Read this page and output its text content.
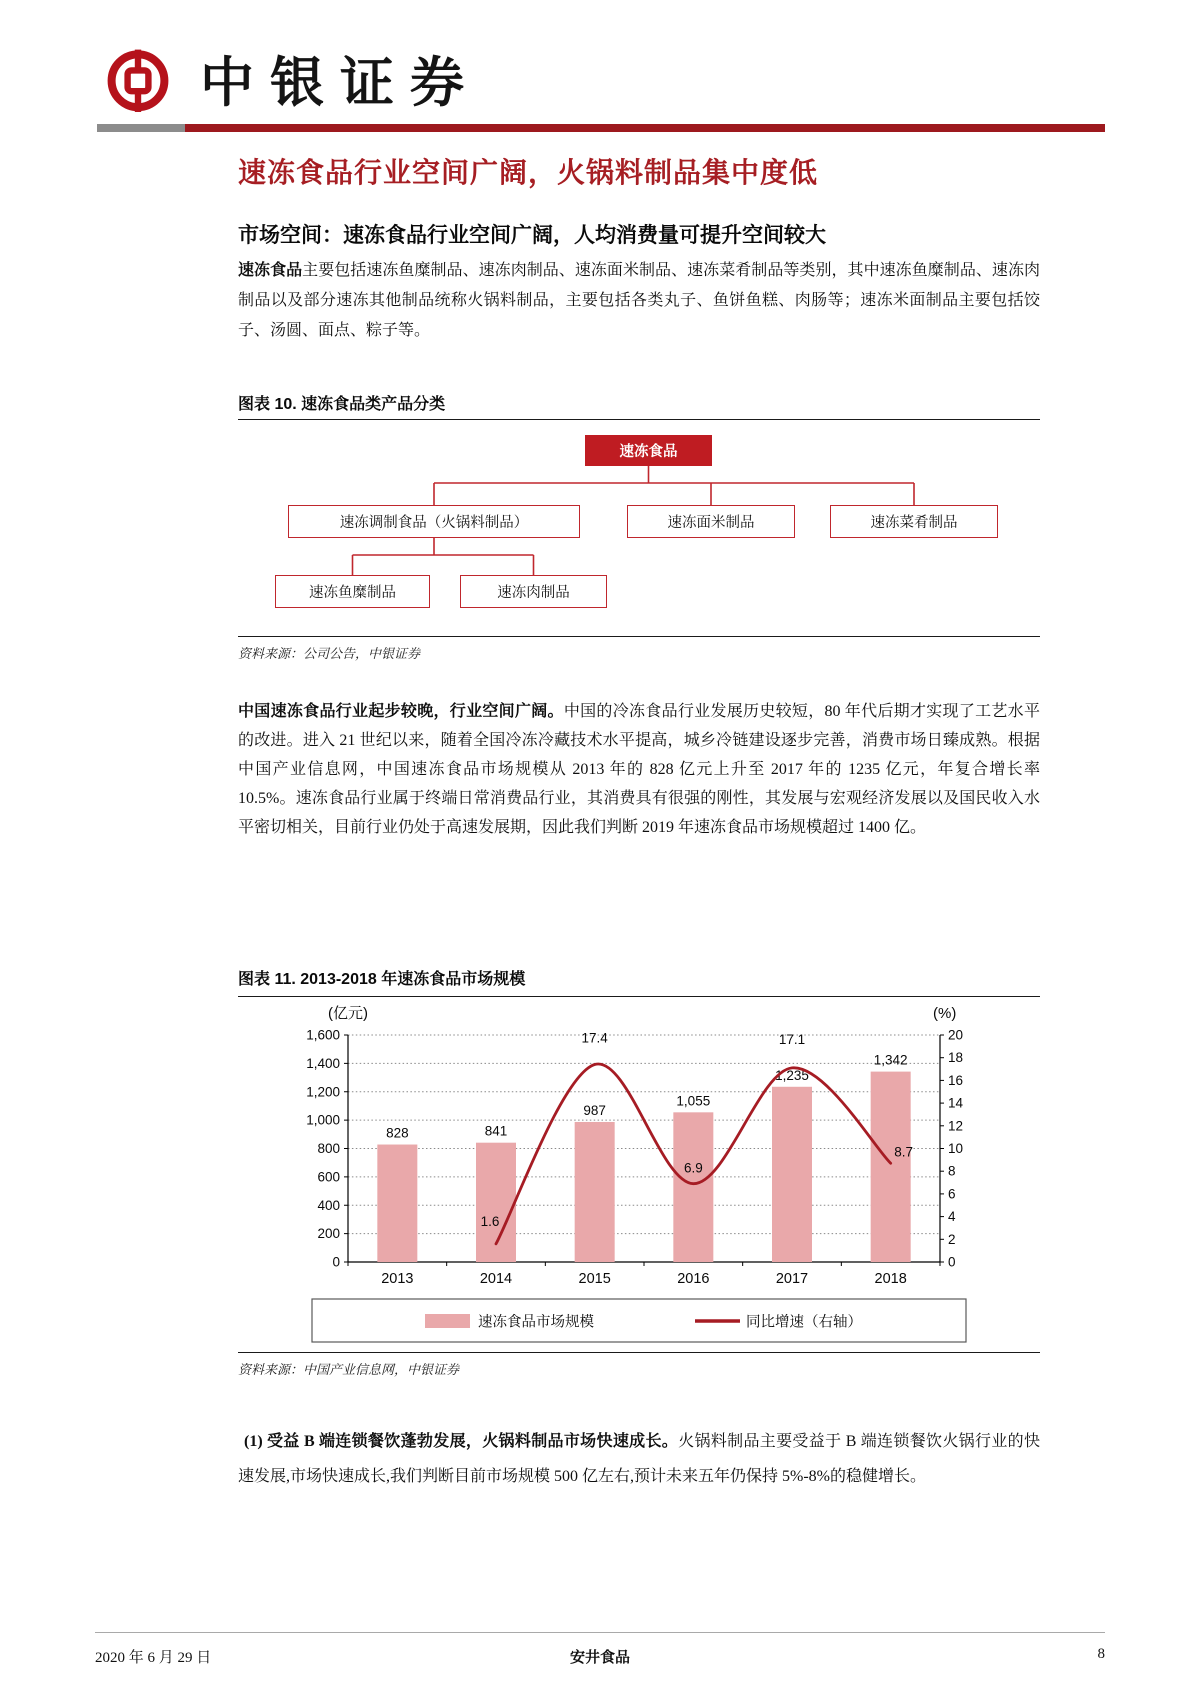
中银证券
速冻食品行业空间广阔，火锅料制品集中度低
市场空间：速冻食品行业空间广阔，人均消费量可提升空间较大

速冻食品主要包括速冻鱼糜制品、速冻肉制品、速冻面米制品、速冻菜肴制品等类别，其中速冻鱼糜制品、速冻肉制品以及部分速冻其他制品统称火锅料制品，主要包括各类丸子、鱼饼鱼糕、肉肠等；速冻米面制品主要包括饺子、汤圆、面点、粽子等。

图表 10. 速冻食品类产品分类
速冻食品
速冻调制食品（火锅料制品）	速冻面米制品	速冻菜肴制品
速冻鱼糜制品	速冻肉制品
资料来源：公司公告，中银证券

中国速冻食品行业起步较晚，行业空间广阔。中国的冷冻食品行业发展历史较短，80 年代后期才实现了工艺水平的改进。进入 21 世纪以来，随着全国冷冻冷藏技术水平提高，城乡冷链建设逐步完善，消费市场日臻成熟。根据中国产业信息网，中国速冻食品市场规模从 2013 年的 828 亿元上升至 2017 年的 1235 亿元，年复合增长率 10.5%。速冻食品行业属于终端日常消费品行业，其消费具有很强的刚性，其发展与宏观经济发展以及国民收入水平密切相关，目前行业仍处于高速发展期，因此我们判断 2019 年速冻食品市场规模超过 1400 亿。

图表 11. 2013-2018 年速冻食品市场规模
0
200
400
600
800
1,000
1,200
1,400
1,600
0
2
4
6
8
10
12
14
16
18
20
(亿元)	(%)
2013	2014	2015	2016	2017	2018
828	841
987
1,055
1,235
1,342
1.6
17.4
6.9
17.1
8.7
速冻食品市场规模	同比增速（右轴）
资料来源：中国产业信息网，中银证券

(1) 受益 B 端连锁餐饮蓬勃发展，火锅料制品市场快速成长。火锅料制品主要受益于 B 端连锁餐饮火锅行业的快速发展,市场快速成长,我们判断目前市场规模 500 亿左右,预计未来五年仍保持 5%-8%的稳健增长。

2020 年 6 月 29 日	安井食品	8
